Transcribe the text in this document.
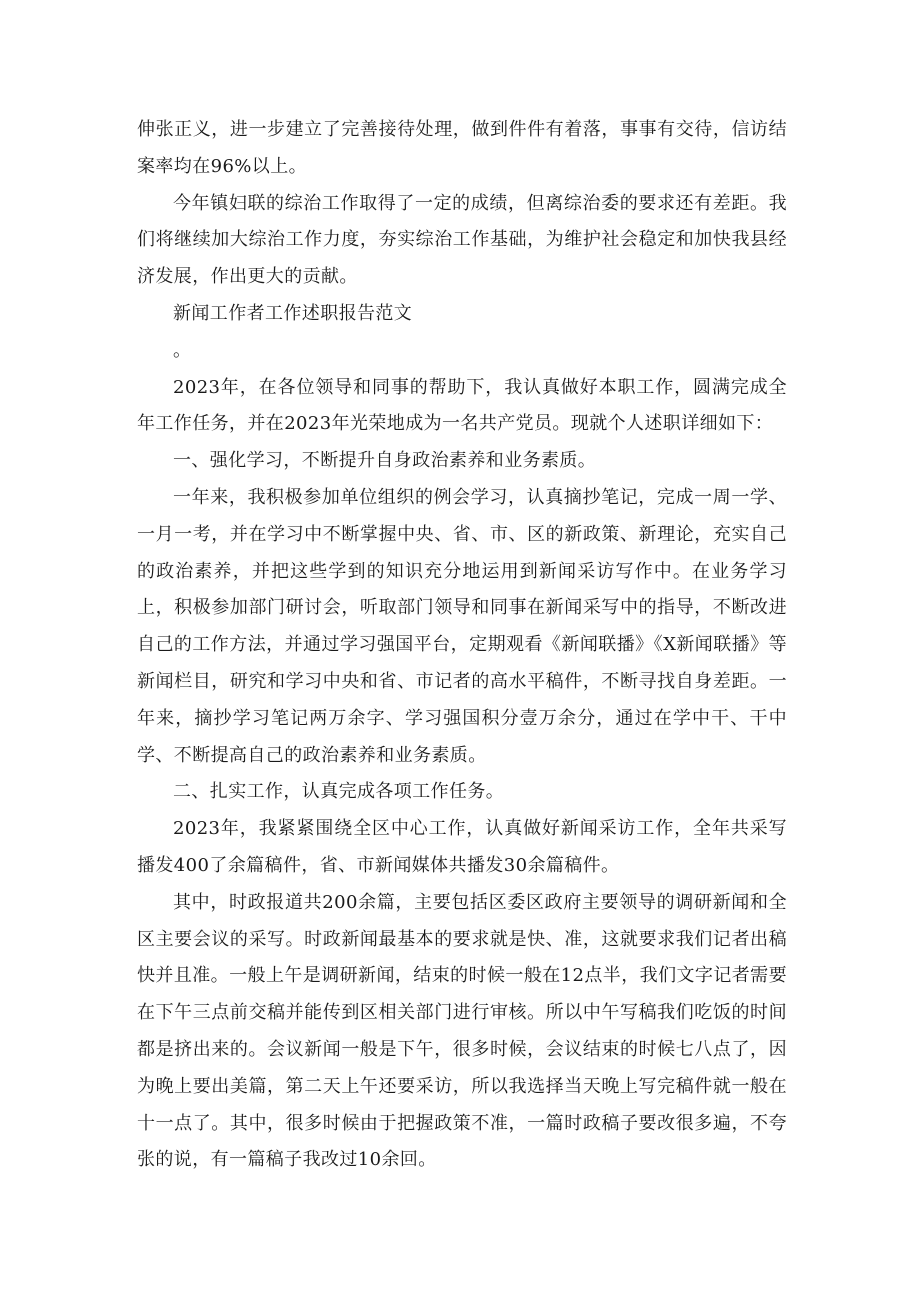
伸张正义，进一步建立了完善接待处理，做到件件有着落，事事有交待，信访结案率均在96%以上。

今年镇妇联的综治工作取得了一定的成绩，但离综治委的要求还有差距。我们将继续加大综治工作力度，夯实综治工作基础，为维护社会稳定和加快我县经济发展，作出更大的贡献。

新闻工作者工作述职报告范文

。

2023年，在各位领导和同事的帮助下，我认真做好本职工作，圆满完成全年工作任务，并在2023年光荣地成为一名共产党员。现就个人述职详细如下：

一、强化学习，不断提升自身政治素养和业务素质。

一年来，我积极参加单位组织的例会学习，认真摘抄笔记，完成一周一学、一月一考，并在学习中不断掌握中央、省、市、区的新政策、新理论，充实自己的政治素养，并把这些学到的知识充分地运用到新闻采访写作中。在业务学习上，积极参加部门研讨会，听取部门领导和同事在新闻采写中的指导，不断改进自己的工作方法，并通过学习强国平台，定期观看《新闻联播》《X新闻联播》等新闻栏目，研究和学习中央和省、市记者的高水平稿件，不断寻找自身差距。一年来，摘抄学习笔记两万余字、学习强国积分壹万余分，通过在学中干、干中学、不断提高自己的政治素养和业务素质。

二、扎实工作，认真完成各项工作任务。

2023年，我紧紧围绕全区中心工作，认真做好新闻采访工作，全年共采写播发400了余篇稿件，省、市新闻媒体共播发30余篇稿件。

其中，时政报道共200余篇，主要包括区委区政府主要领导的调研新闻和全区主要会议的采写。时政新闻最基本的要求就是快、准，这就要求我们记者出稿快并且准。一般上午是调研新闻，结束的时候一般在12点半，我们文字记者需要在下午三点前交稿并能传到区相关部门进行审核。所以中午写稿我们吃饭的时间都是挤出来的。会议新闻一般是下午，很多时候，会议结束的时候七八点了，因为晚上要出美篇，第二天上午还要采访，所以我选择当天晚上写完稿件就一般在十一点了。其中，很多时候由于把握政策不准，一篇时政稿子要改很多遍，不夸张的说，有一篇稿子我改过10余回。
